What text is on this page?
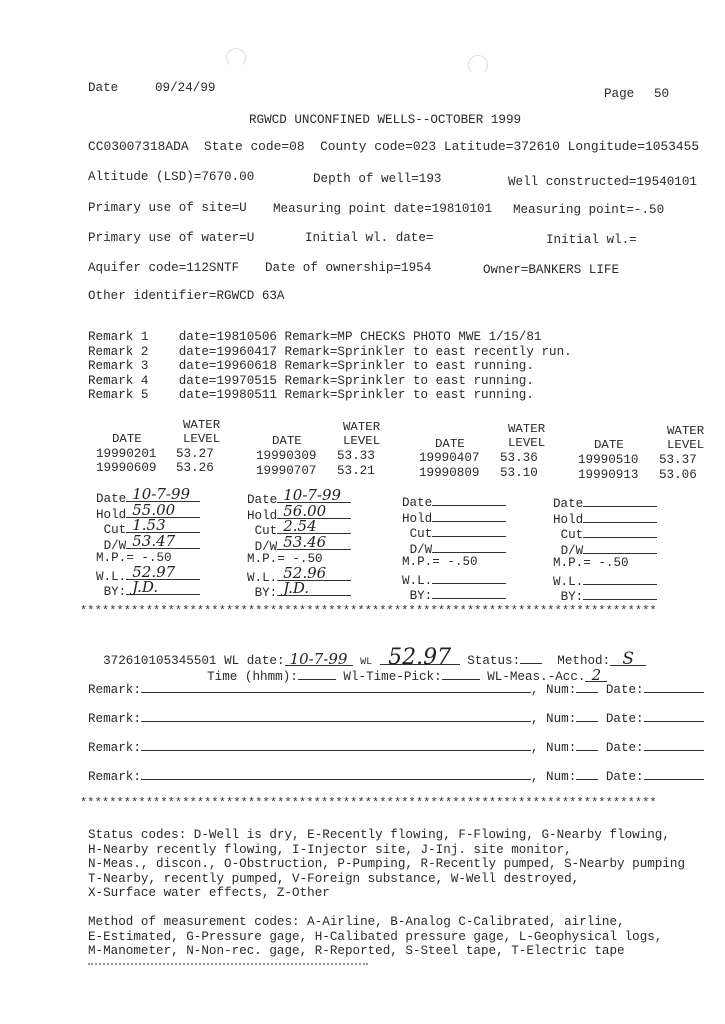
Date	09/24/99	Page 50
RGWCD UNCONFINED WELLS--OCTOBER 1999
CC03007318ADA  State code=08  County code=023 Latitude=372610 Longitude=1053455
Altitude (LSD)=7670.00	Depth of well=193	Well constructed=19540101
Primary use of site=U Measuring point date=19810101 Measuring point=-.50
Primary use of water=U	Initial wl. date=	Initial wl.=
Aquifer code=112SNTF Date of ownership=1954	Owner=BANKERS LIFE
Other identifier=RGWCD 63A
Remark 1 date=19810506 Remark=MP CHECKS PHOTO MWE 1/15/81
Remark 2 date=19960417 Remark=Sprinkler to east recently run.
Remark 3 date=19960618 Remark=Sprinkler to east running.
Remark 4 date=19970515 Remark=Sprinkler to east running.
Remark 5 date=19980511 Remark=Sprinkler to east running.
WATER
LEVEL
DATE
19990201 53.27
19990609 53.26
WATER
LEVEL
DATE
19990309 53.33
19990707 53.21
WATER
LEVEL
DATE
19990407 53.36
19990809 53.10
WATER
LEVEL
DATE
19990510 53.37
19990913 53.06
Date 10-7-99
Hold 55.00
Cut 1.53
D/W 53.47
M.P.= -.50
W.L. 52.97
BY: J.D.
Date 10-7-99
Hold 56.00
Cut 2.54
D/W 53.46
M.P.= -.50
W.L. 52.96
BY: J.D.
Date
Hold
Cut
D/W
M.P.= -.50
W.L.
BY:
Date
Hold
Cut
D/W
M.P.= -.50
W.L.
BY:
*******************************************************************************

372610105345501 WL date: 10-7-99 WL 52.97 Status:	Method: S

Time (hhmm):	Wl-Time-Pick:	WL-Meas.-Acc. 2

Remark:	, Num: Date:
Remark:	, Num: Date:
Remark:	, Num: Date:
Remark:	, Num: Date:
*******************************************************************************
Status codes: D-Well is dry, E-Recently flowing, F-Flowing, G-Nearby flowing,
H-Nearby recently flowing, I-Injector site, J-Inj. site monitor,
N-Meas., discon., O-Obstruction, P-Pumping, R-Recently pumped, S-Nearby pumping
T-Nearby, recently pumped, V-Foreign substance, W-Well destroyed,
X-Surface water effects, Z-Other
Method of measurement codes: A-Airline, B-Analog C-Calibrated, airline,
E-Estimated, G-Pressure gage, H-Calibated pressure gage, L-Geophysical logs,
M-Manometer, N-Non-rec. gage, R-Reported, S-Steel tape, T-Electric tape
